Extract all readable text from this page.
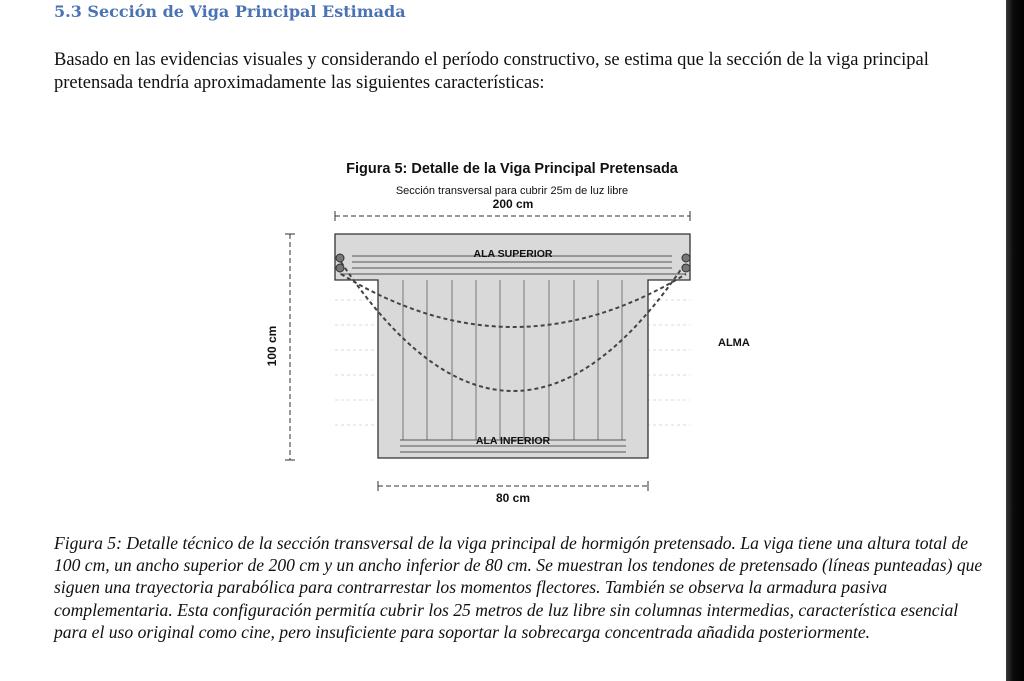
5.3 Sección de Viga Principal Estimada

Basado en las evidencias visuales y considerando el período constructivo, se estima que la sección de la viga principal pretensada tendría aproximadamente las siguientes características:

Figura 5: Detalle de la Viga Principal Pretensada
Sección transversal para cubrir 25m de luz libre
200 cm
100 cm
ALA SUPERIOR
ALA INFERIOR
ALMA
80 cm

Figura 5: Detalle técnico de la sección transversal de la viga principal de hormigón pretensado. La viga tiene una altura total de 100 cm, un ancho superior de 200 cm y un ancho inferior de 80 cm. Se muestran los tendones de pretensado (líneas punteadas) que siguen una trayectoria parabólica para contrarrestar los momentos flectores. También se observa la armadura pasiva complementaria. Esta configuración permitía cubrir los 25 metros de luz libre sin columnas intermedias, característica esencial para el uso original como cine, pero insuficiente para soportar la sobrecarga concentrada añadida posteriormente.
